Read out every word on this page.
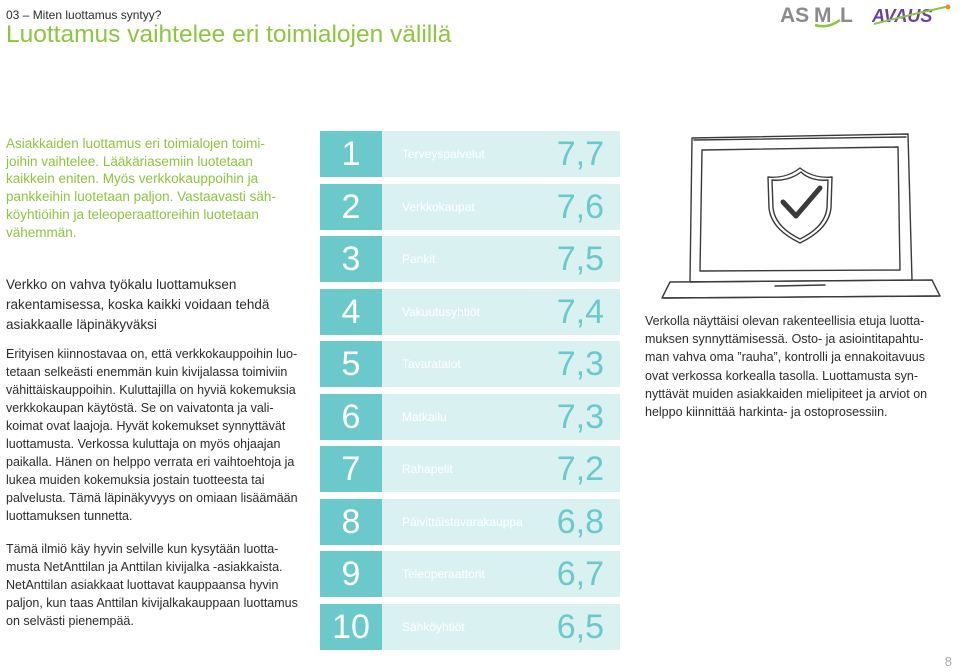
03 – Miten luottamus syntyy?
Luottamus vaihtelee eri toimialojen välillä
AS M L AVAUS

Asiakkaiden luottamus eri toimialojen toimi-joihin vaihtelee. Lääkäriasemiin luotetaan kaikkein eniten. Myös verkkokauppoihin ja pankkeihin luotetaan paljon. Vastaavasti säh-köyhtiöihin ja teleoperaattoreihin luotetaan vähemmän.

Verkko on vahva työkalu luottamuksen rakentamisessa, koska kaikki voidaan tehdä asiakkaalle läpinäkyväksi

Erityisen kiinnostavaa on, että verkkokauppoihin luo-tetaan selkeästi enemmän kuin kivijalassa toimiviin vähittäiskauppoihin. Kuluttajilla on hyviä kokemuksia verkkokaupan käytöstä. Se on vaivatonta ja vali-koimat ovat laajoja. Hyvät kokemukset synnyttävät luottamusta. Verkossa kuluttaja on myös ohjaajan paikalla. Hänen on helppo verrata eri vaihtoehtoja ja lukea muiden kokemuksia jostain tuotteesta tai palvelusta. Tämä läpinäkyvyys on omiaan lisäämään luottamuksen tunnetta.

Tämä ilmiö käy hyvin selville kun kysytään luotta-musta NetAnttilan ja Anttilan kivijalka -asiakkaista. NetAnttilan asiakkaat luottavat kauppaansa hyvin paljon, kun taas Anttilan kivijalkakauppaan luottamus on selvästi pienempää.

1	Terveyspalvelut	7,7
2	Verkkokaupat	7,6
3	Pankit	7,5
4	Vakuutusyhtiöt	7,4
5	Tavaratalot	7,3
6	Matkailu	7,3
7	Rahapelit	7,2
8	Päivittäistavarakauppa 6,8
9	Teleoperaattorit	6,7
10	Sähköyhtiöt	6,5

Verkolla näyttäisi olevan rakenteellisia etuja luotta-muksen synnyttämisessä. Osto- ja asiointitapahtu-man vahva oma ”rauha”, kontrolli ja ennakoitavuus ovat verkossa korkealla tasolla. Luottamusta syn-nyttävät muiden asiakkaiden mielipiteet ja arviot on helppo kiinnittää harkinta- ja ostoprosessiin.

8
